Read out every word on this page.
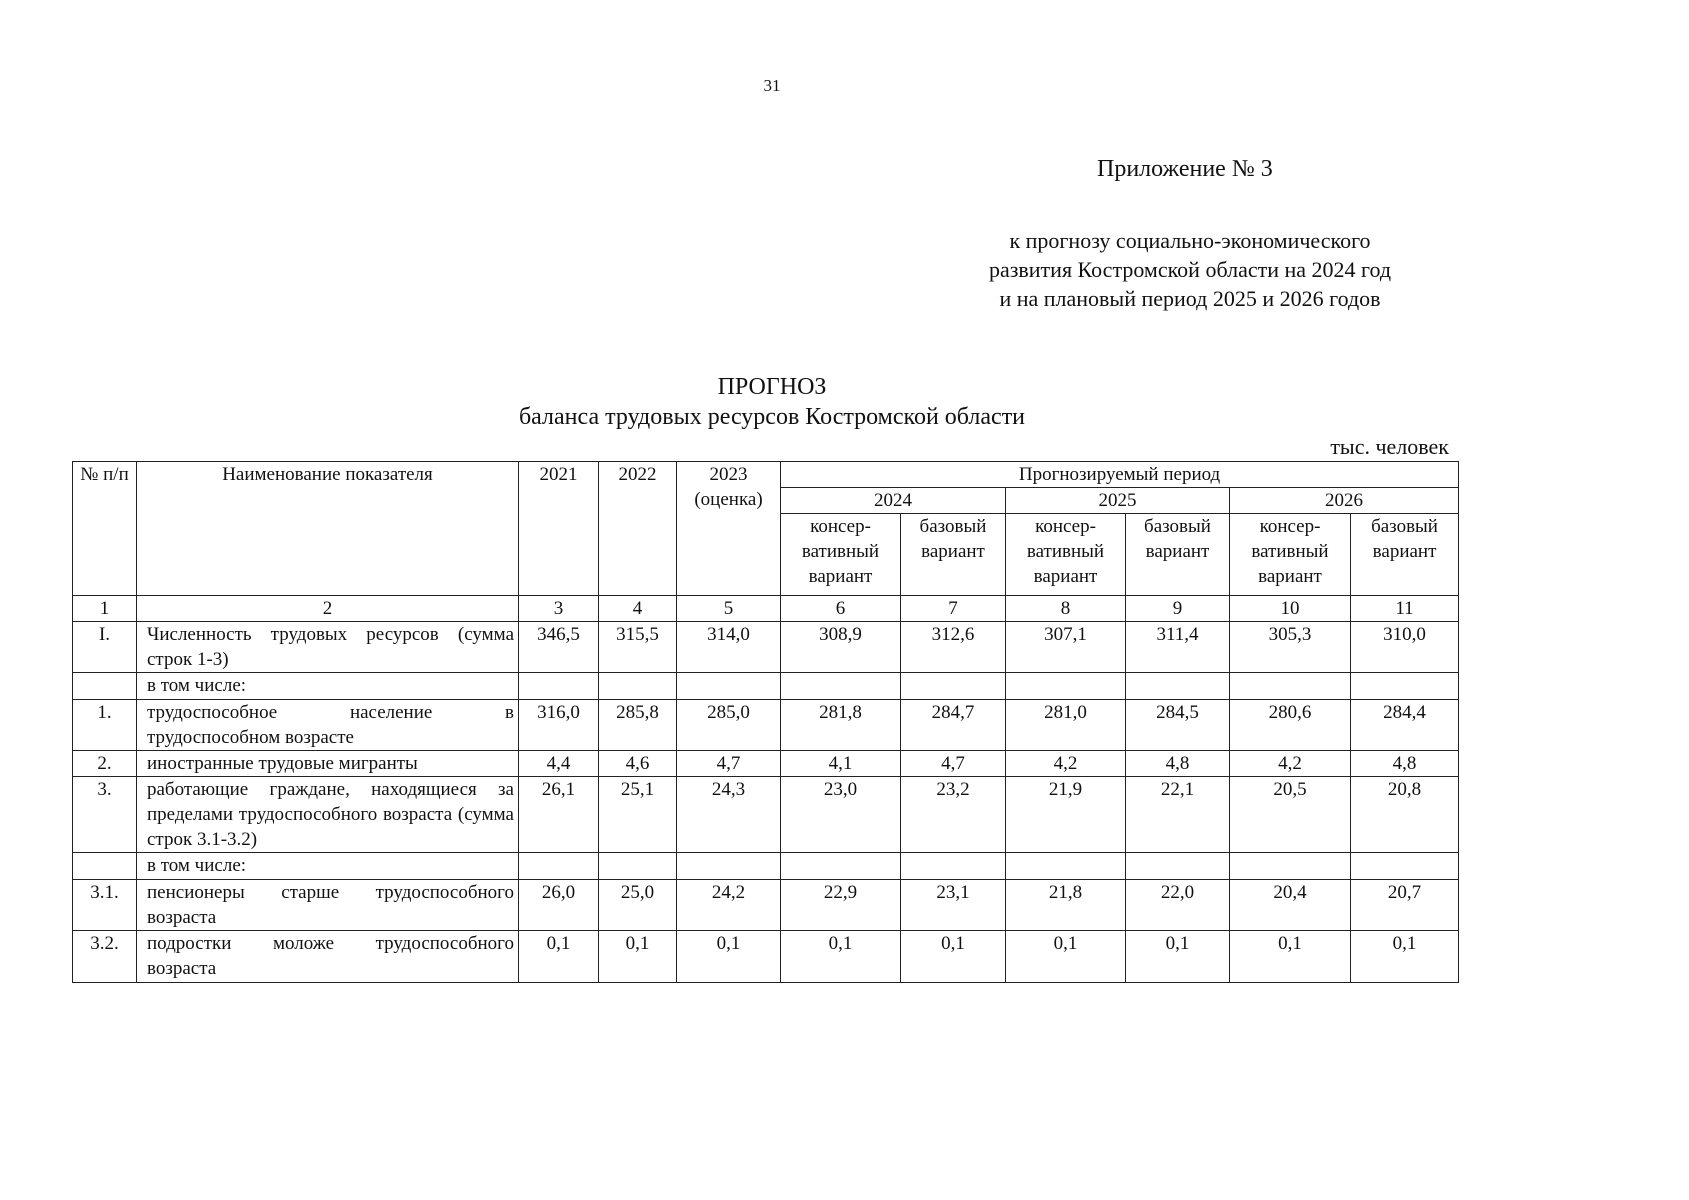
31
Приложение № 3
к прогнозу социально-экономического
развития Костромской области на 2024 год
и на плановый период 2025 и 2026 годов
ПРОГНОЗ
баланса трудовых ресурсов Костромской области
тыс. человек
№ п/п	Наименование показателя	2021	2022	2023 (оценка)	Прогнозируемый период					
					2024		2025		2026	
					консер-вативный вариант	базовый вариант	консер-вативный вариант	базовый вариант	консер-вативный вариант	базовый вариант
1	2	3	4	5	6	7	8	9	10	11
I.	Численность трудовых ресурсов (сумма строк 1-3)	346,5	315,5	314,0	308,9	312,6	307,1	311,4	305,3	310,0
	в том числе:									
1.	трудоспособное население в трудоспособном возрасте	316,0	285,8	285,0	281,8	284,7	281,0	284,5	280,6	284,4
2.	иностранные трудовые мигранты	4,4	4,6	4,7	4,1	4,7	4,2	4,8	4,2	4,8
3.	работающие граждане, находящиеся за пределами трудоспособного возраста (сумма строк 3.1-3.2)	26,1	25,1	24,3	23,0	23,2	21,9	22,1	20,5	20,8
	в том числе:									
3.1.	пенсионеры старше трудоспособного возраста	26,0	25,0	24,2	22,9	23,1	21,8	22,0	20,4	20,7
3.2.	подростки моложе трудоспособного возраста	0,1	0,1	0,1	0,1	0,1	0,1	0,1	0,1	0,1
